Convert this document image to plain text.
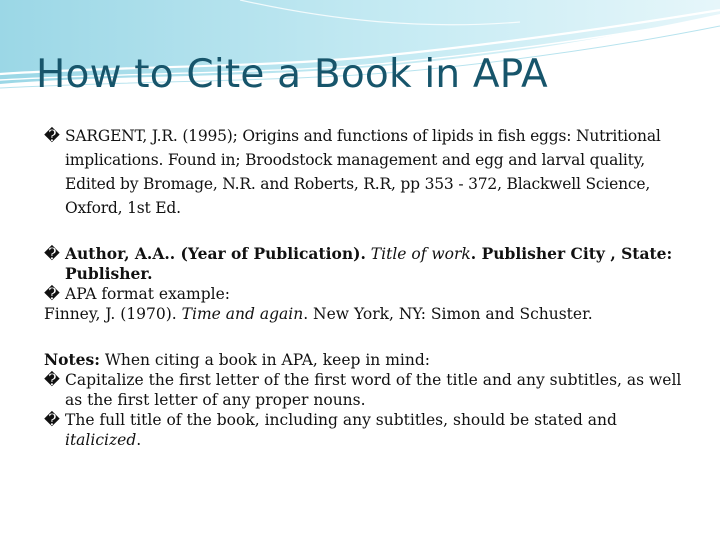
How to Cite a Book in APA

� SARGENT, J.R. (1995); Origins and functions of lipids in fish eggs: Nutritional implications. Found in; Broodstock management and egg and larval quality, Edited by Bromage, N.R. and Roberts, R.R, pp 353 - 372, Blackwell Science, Oxford, 1st Ed.

� Author, A.A.. (Year of Publication). Title of work. Publisher City , State: Publisher.

� APA format example:

Finney, J. (1970). Time and again. New York, NY: Simon and Schuster.

Notes: When citing a book in APA, keep in mind:

� Capitalize the first letter of the first word of the title and any subtitles, as well as the first letter of any proper nouns.

� The full title of the book, including any subtitles, should be stated and italicized.
